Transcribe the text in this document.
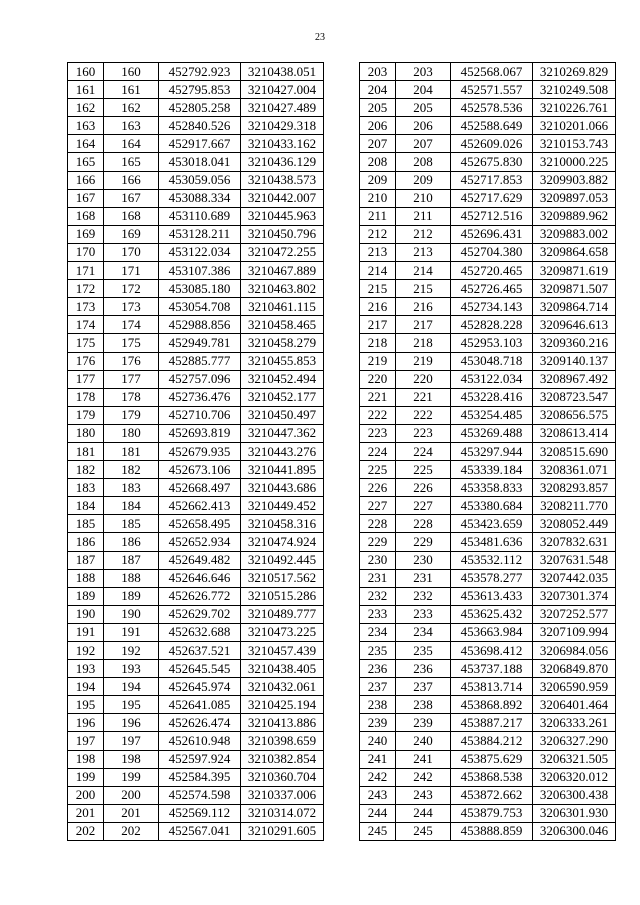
23
160	160	452792.923	3210438.051
161	161	452795.853	3210427.004
162	162	452805.258	3210427.489
163	163	452840.526	3210429.318
164	164	452917.667	3210433.162
165	165	453018.041	3210436.129
166	166	453059.056	3210438.573
167	167	453088.334	3210442.007
168	168	453110.689	3210445.963
169	169	453128.211	3210450.796
170	170	453122.034	3210472.255
171	171	453107.386	3210467.889
172	172	453085.180	3210463.802
173	173	453054.708	3210461.115
174	174	452988.856	3210458.465
175	175	452949.781	3210458.279
176	176	452885.777	3210455.853
177	177	452757.096	3210452.494
178	178	452736.476	3210452.177
179	179	452710.706	3210450.497
180	180	452693.819	3210447.362
181	181	452679.935	3210443.276
182	182	452673.106	3210441.895
183	183	452668.497	3210443.686
184	184	452662.413	3210449.452
185	185	452658.495	3210458.316
186	186	452652.934	3210474.924
187	187	452649.482	3210492.445
188	188	452646.646	3210517.562
189	189	452626.772	3210515.286
190	190	452629.702	3210489.777
191	191	452632.688	3210473.225
192	192	452637.521	3210457.439
193	193	452645.545	3210438.405
194	194	452645.974	3210432.061
195	195	452641.085	3210425.194
196	196	452626.474	3210413.886
197	197	452610.948	3210398.659
198	198	452597.924	3210382.854
199	199	452584.395	3210360.704
200	200	452574.598	3210337.006
201	201	452569.112	3210314.072
202	202	452567.041	3210291.605
203	203	452568.067	3210269.829
204	204	452571.557	3210249.508
205	205	452578.536	3210226.761
206	206	452588.649	3210201.066
207	207	452609.026	3210153.743
208	208	452675.830	3210000.225
209	209	452717.853	3209903.882
210	210	452717.629	3209897.053
211	211	452712.516	3209889.962
212	212	452696.431	3209883.002
213	213	452704.380	3209864.658
214	214	452720.465	3209871.619
215	215	452726.465	3209871.507
216	216	452734.143	3209864.714
217	217	452828.228	3209646.613
218	218	452953.103	3209360.216
219	219	453048.718	3209140.137
220	220	453122.034	3208967.492
221	221	453228.416	3208723.547
222	222	453254.485	3208656.575
223	223	453269.488	3208613.414
224	224	453297.944	3208515.690
225	225	453339.184	3208361.071
226	226	453358.833	3208293.857
227	227	453380.684	3208211.770
228	228	453423.659	3208052.449
229	229	453481.636	3207832.631
230	230	453532.112	3207631.548
231	231	453578.277	3207442.035
232	232	453613.433	3207301.374
233	233	453625.432	3207252.577
234	234	453663.984	3207109.994
235	235	453698.412	3206984.056
236	236	453737.188	3206849.870
237	237	453813.714	3206590.959
238	238	453868.892	3206401.464
239	239	453887.217	3206333.261
240	240	453884.212	3206327.290
241	241	453875.629	3206321.505
242	242	453868.538	3206320.012
243	243	453872.662	3206300.438
244	244	453879.753	3206301.930
245	245	453888.859	3206300.046
